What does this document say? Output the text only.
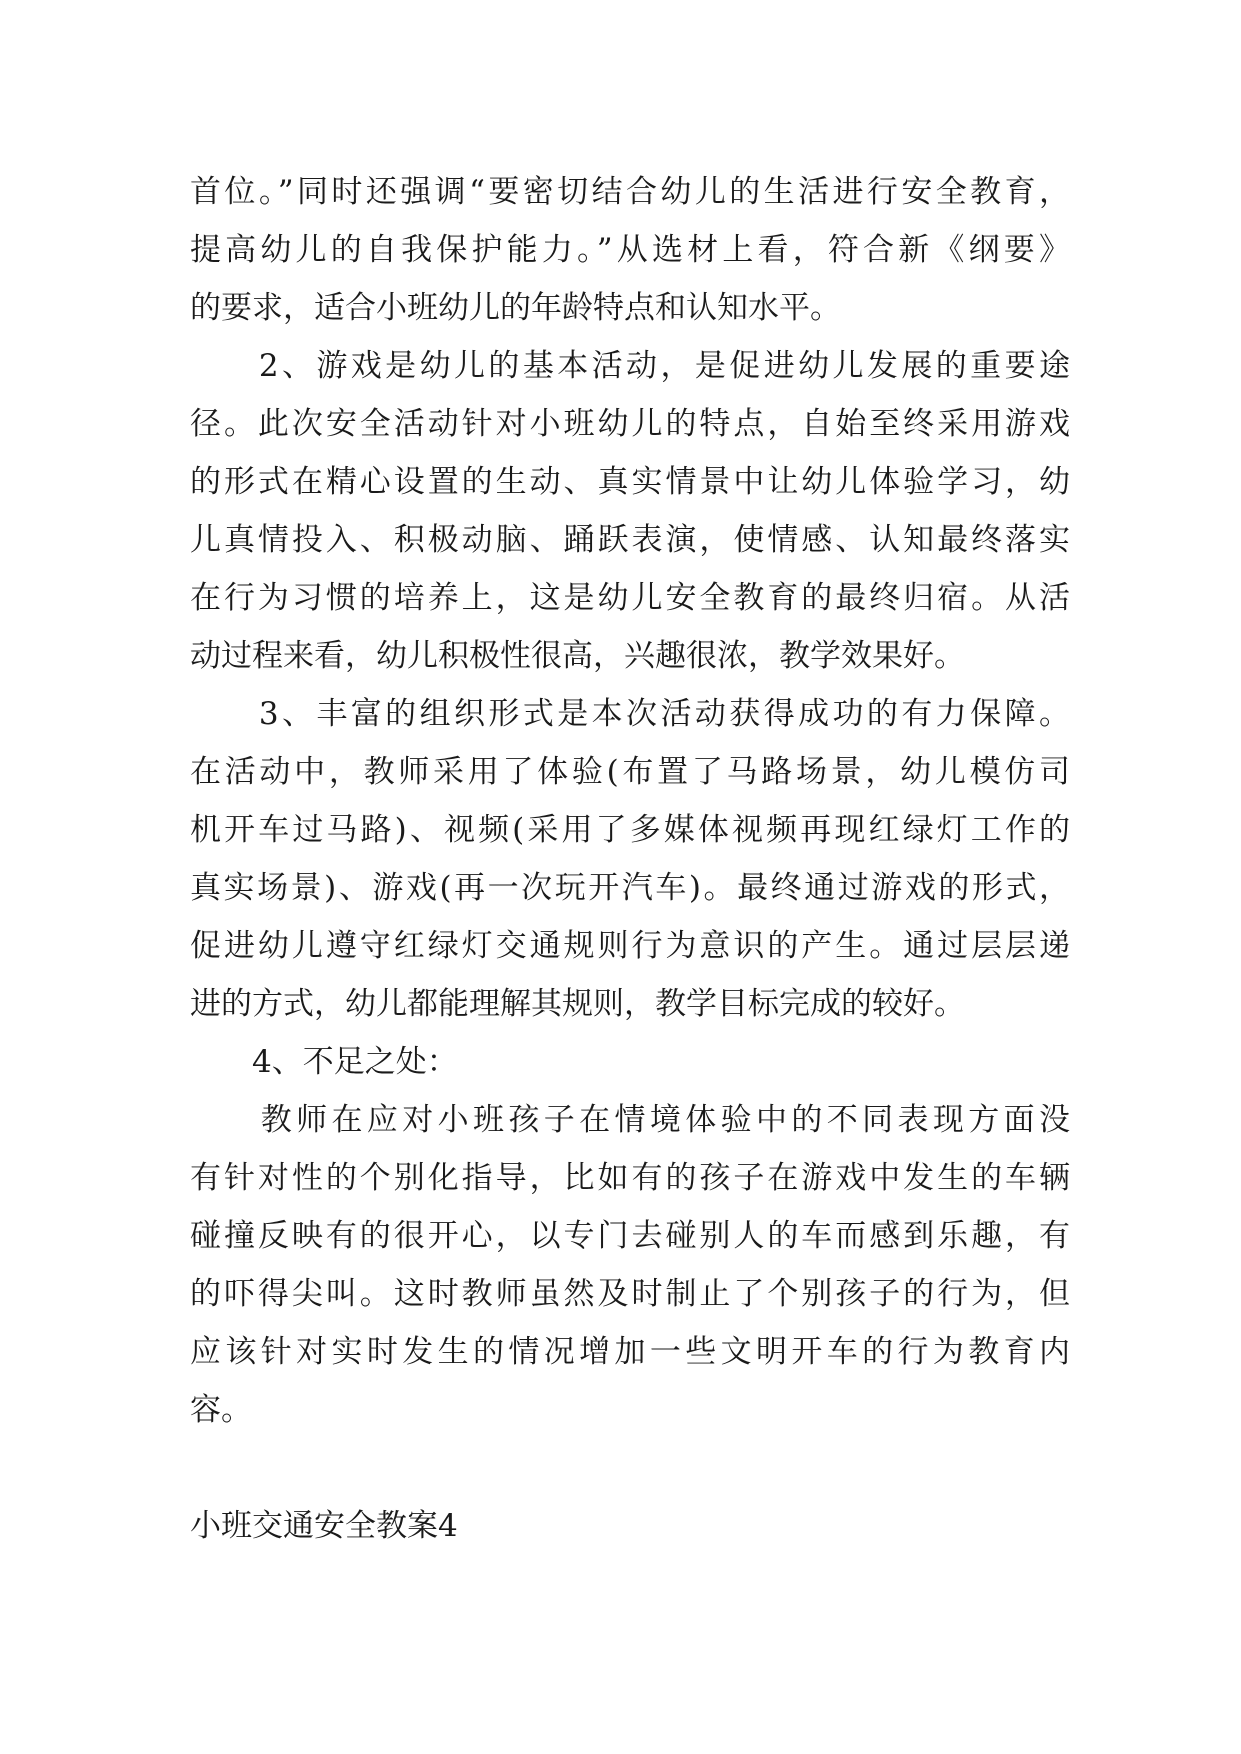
首位。”同时还强调“要密切结合幼儿的生活进行安全教育，
提高幼儿的自我保护能力。”从选材上看，符合新《纲要》
的要求，适合小班幼儿的年龄特点和认知水平。
　　2、游戏是幼儿的基本活动，是促进幼儿发展的重要途
径。此次安全活动针对小班幼儿的特点，自始至终采用游戏
的形式在精心设置的生动、真实情景中让幼儿体验学习，幼
儿真情投入、积极动脑、踊跃表演，使情感、认知最终落实
在行为习惯的培养上，这是幼儿安全教育的最终归宿。从活
动过程来看，幼儿积极性很高，兴趣很浓，教学效果好。
　　3、丰富的组织形式是本次活动获得成功的有力保障。
在活动中，教师采用了体验(布置了马路场景，幼儿模仿司
机开车过马路)、视频(采用了多媒体视频再现红绿灯工作的
真实场景)、游戏(再一次玩开汽车)。最终通过游戏的形式，
促进幼儿遵守红绿灯交通规则行为意识的产生。通过层层递
进的方式，幼儿都能理解其规则，教学目标完成的较好。
　　4、不足之处：
　　教师在应对小班孩子在情境体验中的不同表现方面没
有针对性的个别化指导，比如有的孩子在游戏中发生的车辆
碰撞反映有的很开心，以专门去碰别人的车而感到乐趣，有
的吓得尖叫。这时教师虽然及时制止了个别孩子的行为，但
应该针对实时发生的情况增加一些文明开车的行为教育内
容。
小班交通安全教案4
